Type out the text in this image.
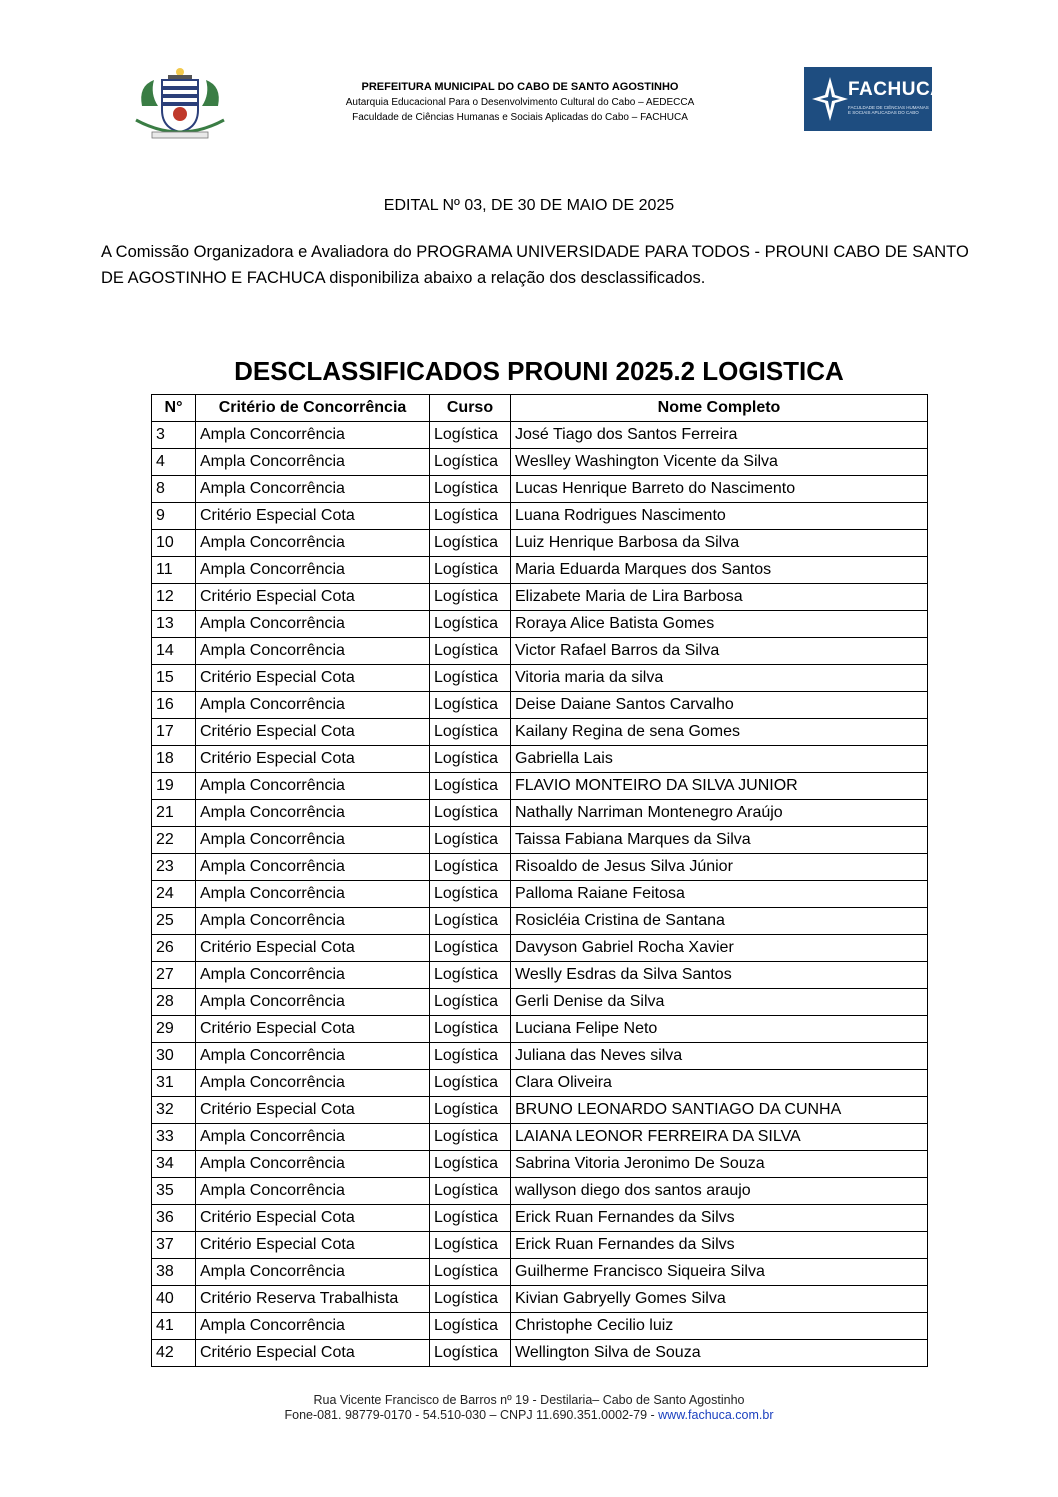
PREFEITURA MUNICIPAL DO CABO DE SANTO AGOSTINHO
Autarquia Educacional Para o Desenvolvimento Cultural do Cabo – AEDECCA
Faculdade de Ciências Humanas e Sociais Aplicadas do Cabo – FACHUCA
FACHUCA
FACULDADE DE CIÊNCIAS HUMANAS E SOCIAIS APLICADAS DO CABO
EDITAL Nº 03, DE 30 DE MAIO DE 2025
A Comissão Organizadora e Avaliadora do PROGRAMA UNIVERSIDADE PARA TODOS - PROUNI CABO DE SANTO DE AGOSTINHO E FACHUCA disponibiliza abaixo a relação dos desclassificados.
DESCLASSIFICADOS PROUNI 2025.2 LOGISTICA
N°	Critério de Concorrência	Curso	Nome Completo
3	Ampla Concorrência	Logística	José Tiago dos Santos Ferreira
4	Ampla Concorrência	Logística	Weslley Washington Vicente da Silva
8	Ampla Concorrência	Logística	Lucas Henrique Barreto do Nascimento
9	Critério Especial Cota	Logística	Luana Rodrigues Nascimento
10	Ampla Concorrência	Logística	Luiz Henrique Barbosa da Silva
11	Ampla Concorrência	Logística	Maria Eduarda Marques dos Santos
12	Critério Especial Cota	Logística	Elizabete Maria de Lira Barbosa
13	Ampla Concorrência	Logística	Roraya Alice Batista Gomes
14	Ampla Concorrência	Logística	Victor Rafael Barros da Silva
15	Critério Especial Cota	Logística	Vitoria maria da silva
16	Ampla Concorrência	Logística	Deise Daiane Santos Carvalho
17	Critério Especial Cota	Logística	Kailany Regina de sena Gomes
18	Critério Especial Cota	Logística	Gabriella Lais
19	Ampla Concorrência	Logística	FLAVIO MONTEIRO DA SILVA JUNIOR
21	Ampla Concorrência	Logística	Nathally Narriman Montenegro Araújo
22	Ampla Concorrência	Logística	Taissa Fabiana Marques da Silva
23	Ampla Concorrência	Logística	Risoaldo de Jesus Silva Júnior
24	Ampla Concorrência	Logística	Palloma Raiane Feitosa
25	Ampla Concorrência	Logística	Rosicléia Cristina de Santana
26	Critério Especial Cota	Logística	Davyson Gabriel Rocha Xavier
27	Ampla Concorrência	Logística	Weslly Esdras da Silva Santos
28	Ampla Concorrência	Logística	Gerli Denise da Silva
29	Critério Especial Cota	Logística	Luciana Felipe Neto
30	Ampla Concorrência	Logística	Juliana das Neves silva
31	Ampla Concorrência	Logística	Clara Oliveira
32	Critério Especial Cota	Logística	BRUNO LEONARDO SANTIAGO DA CUNHA
33	Ampla Concorrência	Logística	LAIANA LEONOR FERREIRA DA SILVA
34	Ampla Concorrência	Logística	Sabrina Vitoria Jeronimo De Souza
35	Ampla Concorrência	Logística	wallyson diego dos santos araujo
36	Critério Especial Cota	Logística	Erick Ruan Fernandes da Silvs
37	Critério Especial Cota	Logística	Erick Ruan Fernandes da Silvs
38	Ampla Concorrência	Logística	Guilherme Francisco Siqueira Silva
40	Critério Reserva Trabalhista	Logística	Kivian Gabryelly Gomes Silva
41	Ampla Concorrência	Logística	Christophe Cecilio luiz
42	Critério Especial Cota	Logística	Wellington Silva de Souza
Rua Vicente Francisco de Barros nº 19 - Destilaria– Cabo de Santo Agostinho
Fone-081. 98779-0170 - 54.510-030 – CNPJ 11.690.351.0002-79 - www.fachuca.com.br
